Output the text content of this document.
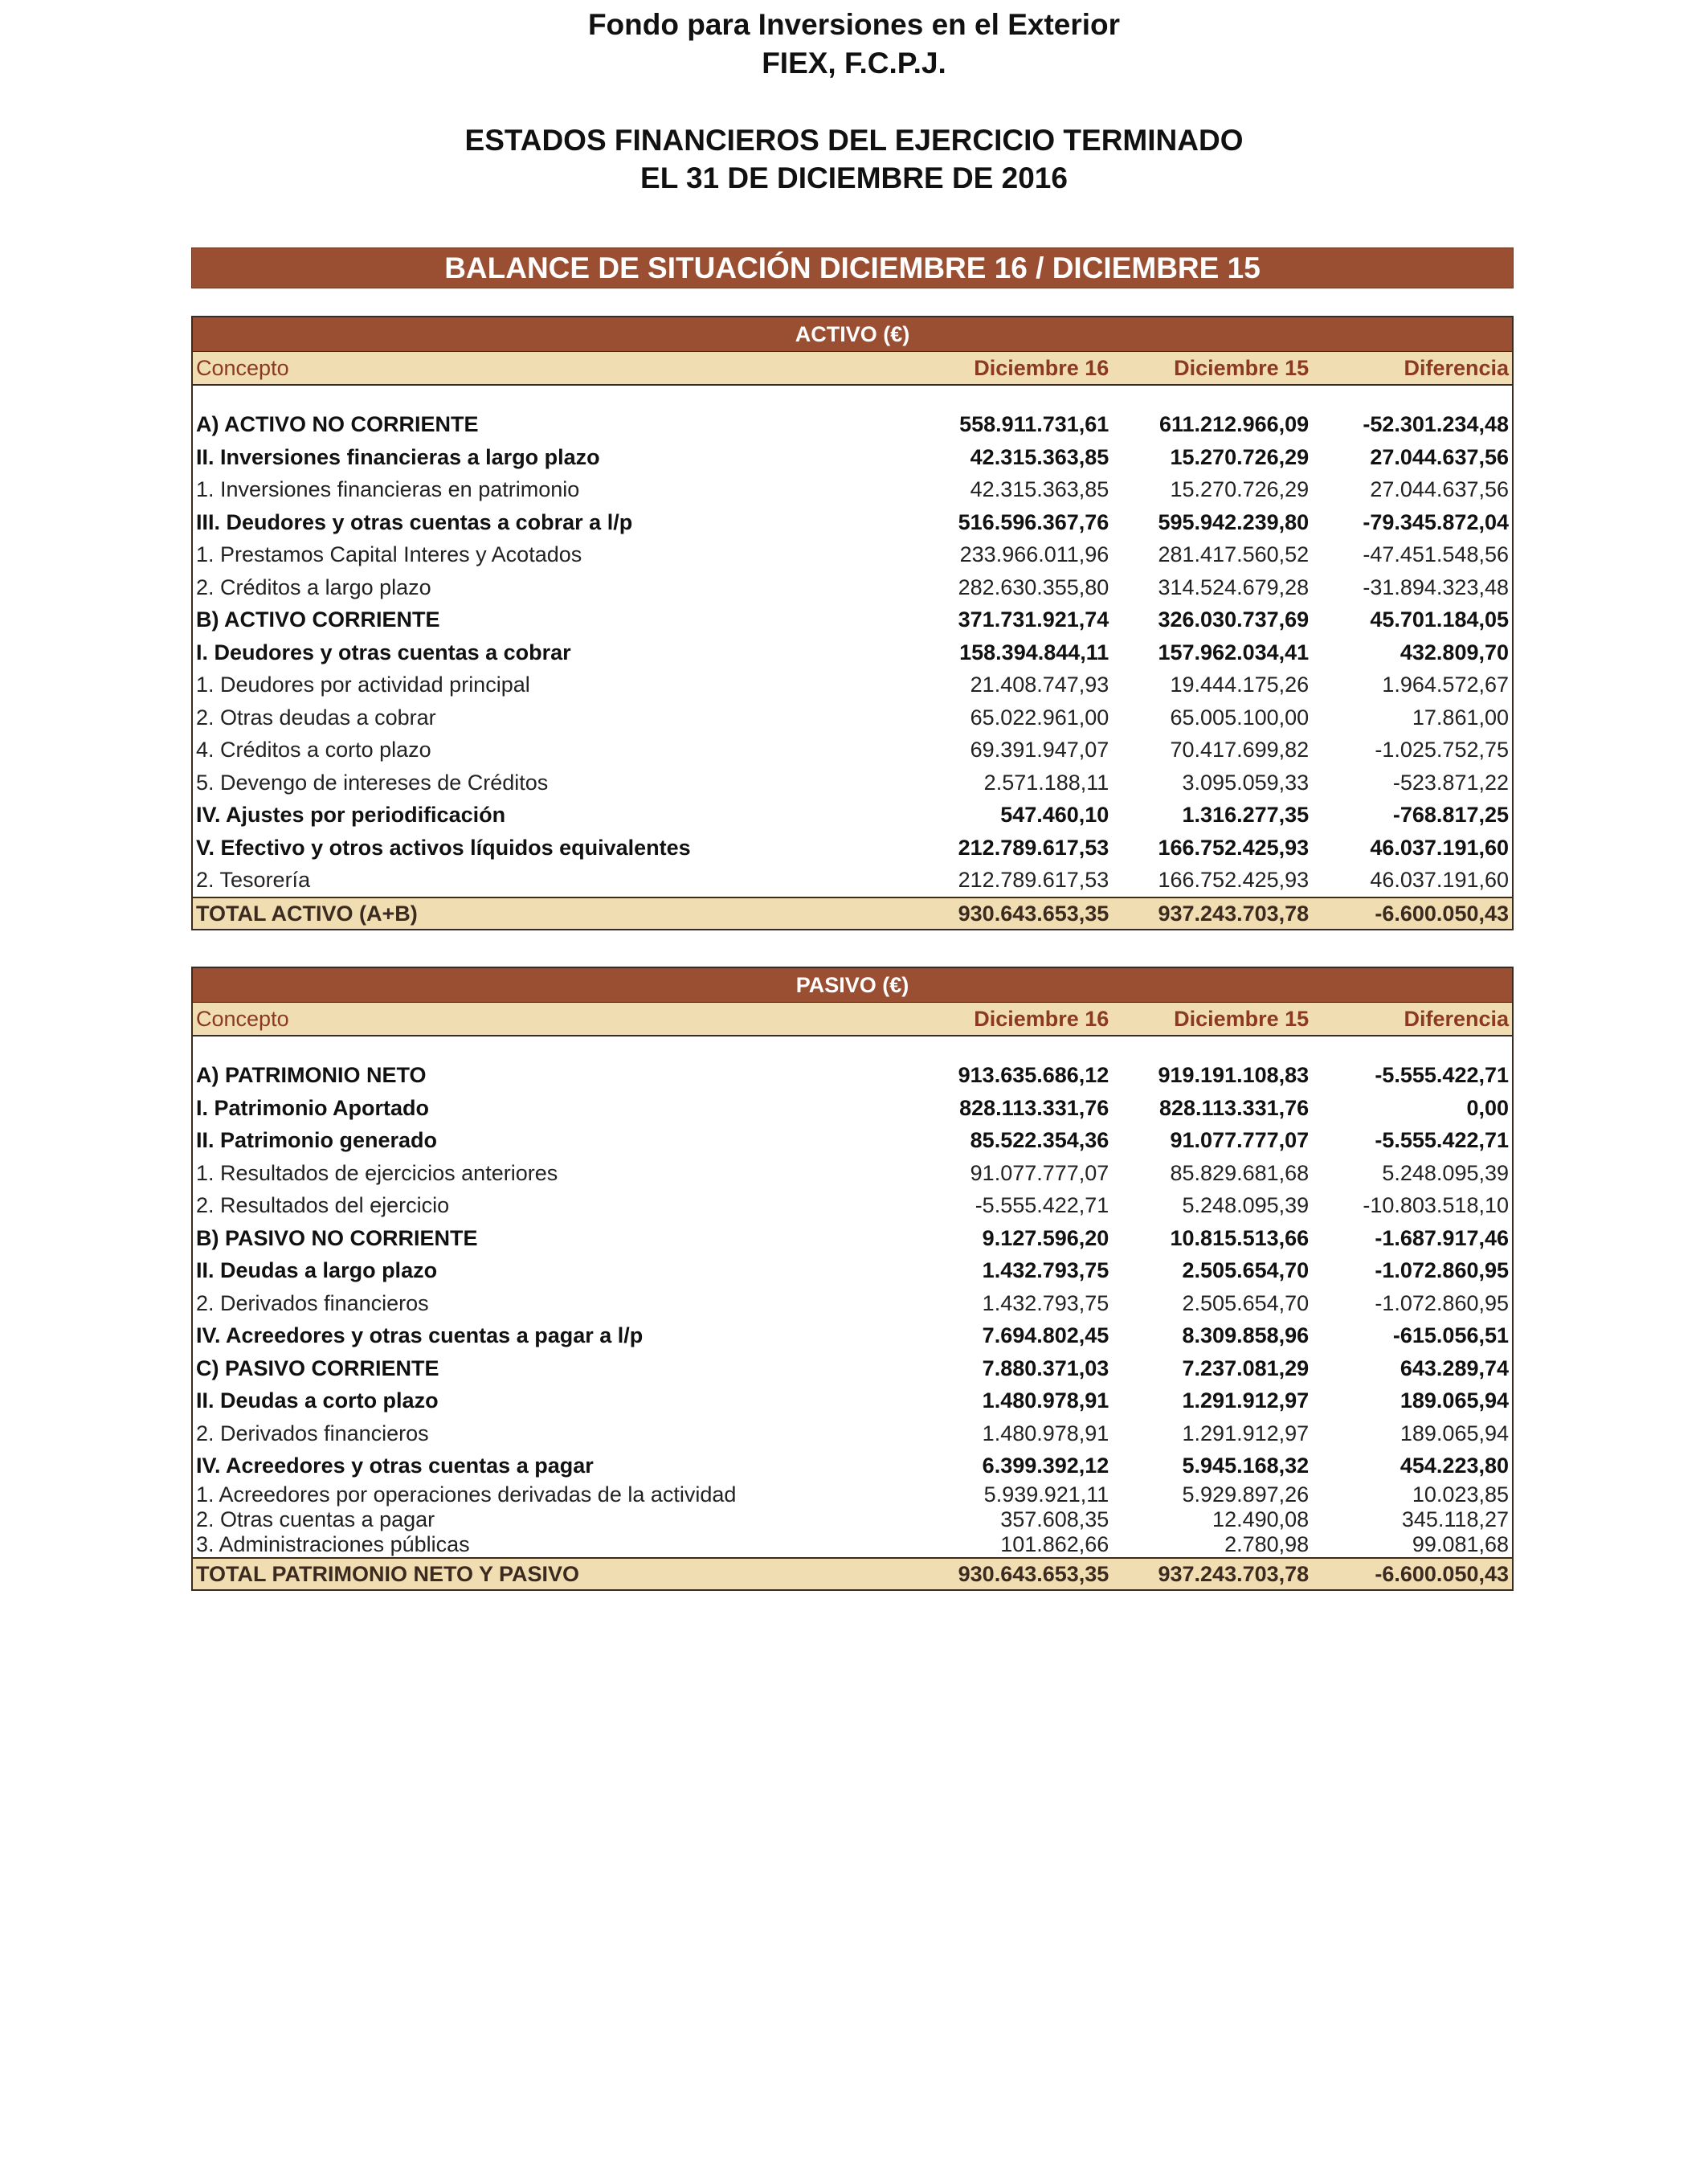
Fondo para Inversiones en el Exterior
FIEX, F.C.P.J.
ESTADOS FINANCIEROS DEL EJERCICIO TERMINADO
EL 31 DE DICIEMBRE DE 2016
BALANCE DE SITUACIÓN DICIEMBRE 16 / DICIEMBRE 15
ACTIVO (€)
Concepto	Diciembre 16	Diciembre 15	Diferencia
A) ACTIVO NO CORRIENTE	558.911.731,61	611.212.966,09	-52.301.234,48
II. Inversiones financieras a largo plazo	42.315.363,85	15.270.726,29	27.044.637,56
1. Inversiones financieras en patrimonio	42.315.363,85	15.270.726,29	27.044.637,56
III. Deudores y otras cuentas a cobrar a l/p	516.596.367,76	595.942.239,80	-79.345.872,04
1. Prestamos Capital Interes y Acotados	233.966.011,96	281.417.560,52	-47.451.548,56
2. Créditos a largo plazo	282.630.355,80	314.524.679,28	-31.894.323,48
B) ACTIVO CORRIENTE	371.731.921,74	326.030.737,69	45.701.184,05
I. Deudores y otras cuentas a cobrar	158.394.844,11	157.962.034,41	432.809,70
1. Deudores por actividad principal	21.408.747,93	19.444.175,26	1.964.572,67
2. Otras deudas a cobrar	65.022.961,00	65.005.100,00	17.861,00
4. Créditos a corto plazo	69.391.947,07	70.417.699,82	-1.025.752,75
5. Devengo de intereses de Créditos	2.571.188,11	3.095.059,33	-523.871,22
IV. Ajustes por periodificación	547.460,10	1.316.277,35	-768.817,25
V. Efectivo y otros activos líquidos equivalentes	212.789.617,53	166.752.425,93	46.037.191,60
2. Tesorería	212.789.617,53	166.752.425,93	46.037.191,60
TOTAL ACTIVO (A+B)	930.643.653,35	937.243.703,78	-6.600.050,43
PASIVO (€)
Concepto	Diciembre 16	Diciembre 15	Diferencia
A) PATRIMONIO NETO	913.635.686,12	919.191.108,83	-5.555.422,71
I. Patrimonio Aportado	828.113.331,76	828.113.331,76	0,00
II. Patrimonio generado	85.522.354,36	91.077.777,07	-5.555.422,71
1. Resultados de ejercicios anteriores	91.077.777,07	85.829.681,68	5.248.095,39
2. Resultados del ejercicio	-5.555.422,71	5.248.095,39	-10.803.518,10
B) PASIVO NO CORRIENTE	9.127.596,20	10.815.513,66	-1.687.917,46
II. Deudas a largo plazo	1.432.793,75	2.505.654,70	-1.072.860,95
2. Derivados financieros	1.432.793,75	2.505.654,70	-1.072.860,95
IV. Acreedores y otras cuentas a pagar a l/p	7.694.802,45	8.309.858,96	-615.056,51
C) PASIVO CORRIENTE	7.880.371,03	7.237.081,29	643.289,74
II. Deudas a corto plazo	1.480.978,91	1.291.912,97	189.065,94
2. Derivados financieros	1.480.978,91	1.291.912,97	189.065,94
IV. Acreedores y otras cuentas a pagar	6.399.392,12	5.945.168,32	454.223,80
1. Acreedores por operaciones derivadas de la actividad	5.939.921,11	5.929.897,26	10.023,85
2. Otras cuentas a pagar	357.608,35	12.490,08	345.118,27
3. Administraciones públicas	101.862,66	2.780,98	99.081,68
TOTAL PATRIMONIO NETO Y PASIVO	930.643.653,35	937.243.703,78	-6.600.050,43
